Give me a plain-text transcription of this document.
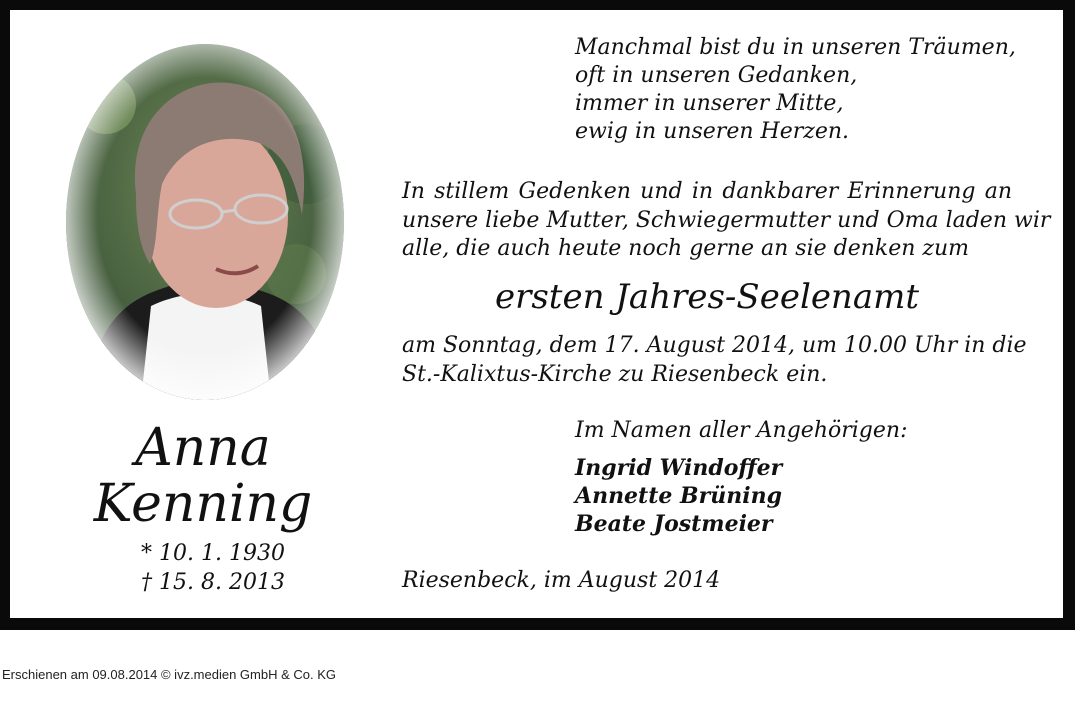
Anna
Kenning
* 10. 1. 1930
† 15. 8. 2013
Manchmal bist du in unseren Träumen,
oft in unseren Gedanken,
immer in unserer Mitte,
ewig in unseren Herzen.
In stillem Gedenken und in dankbarer Erinnerung an
unsere liebe Mutter, Schwiegermutter und Oma laden wir
alle, die auch heute noch gerne an sie denken zum
ersten Jahres-Seelenamt
am Sonntag, dem 17. August 2014, um 10.00 Uhr in die
St.-Kalixtus-Kirche zu Riesenbeck ein.
Im Namen aller Angehörigen:
Ingrid Windoffer
Annette Brüning
Beate Jostmeier
Riesenbeck, im August 2014
Erschienen am 09.08.2014 © ivz.medien GmbH & Co. KG
